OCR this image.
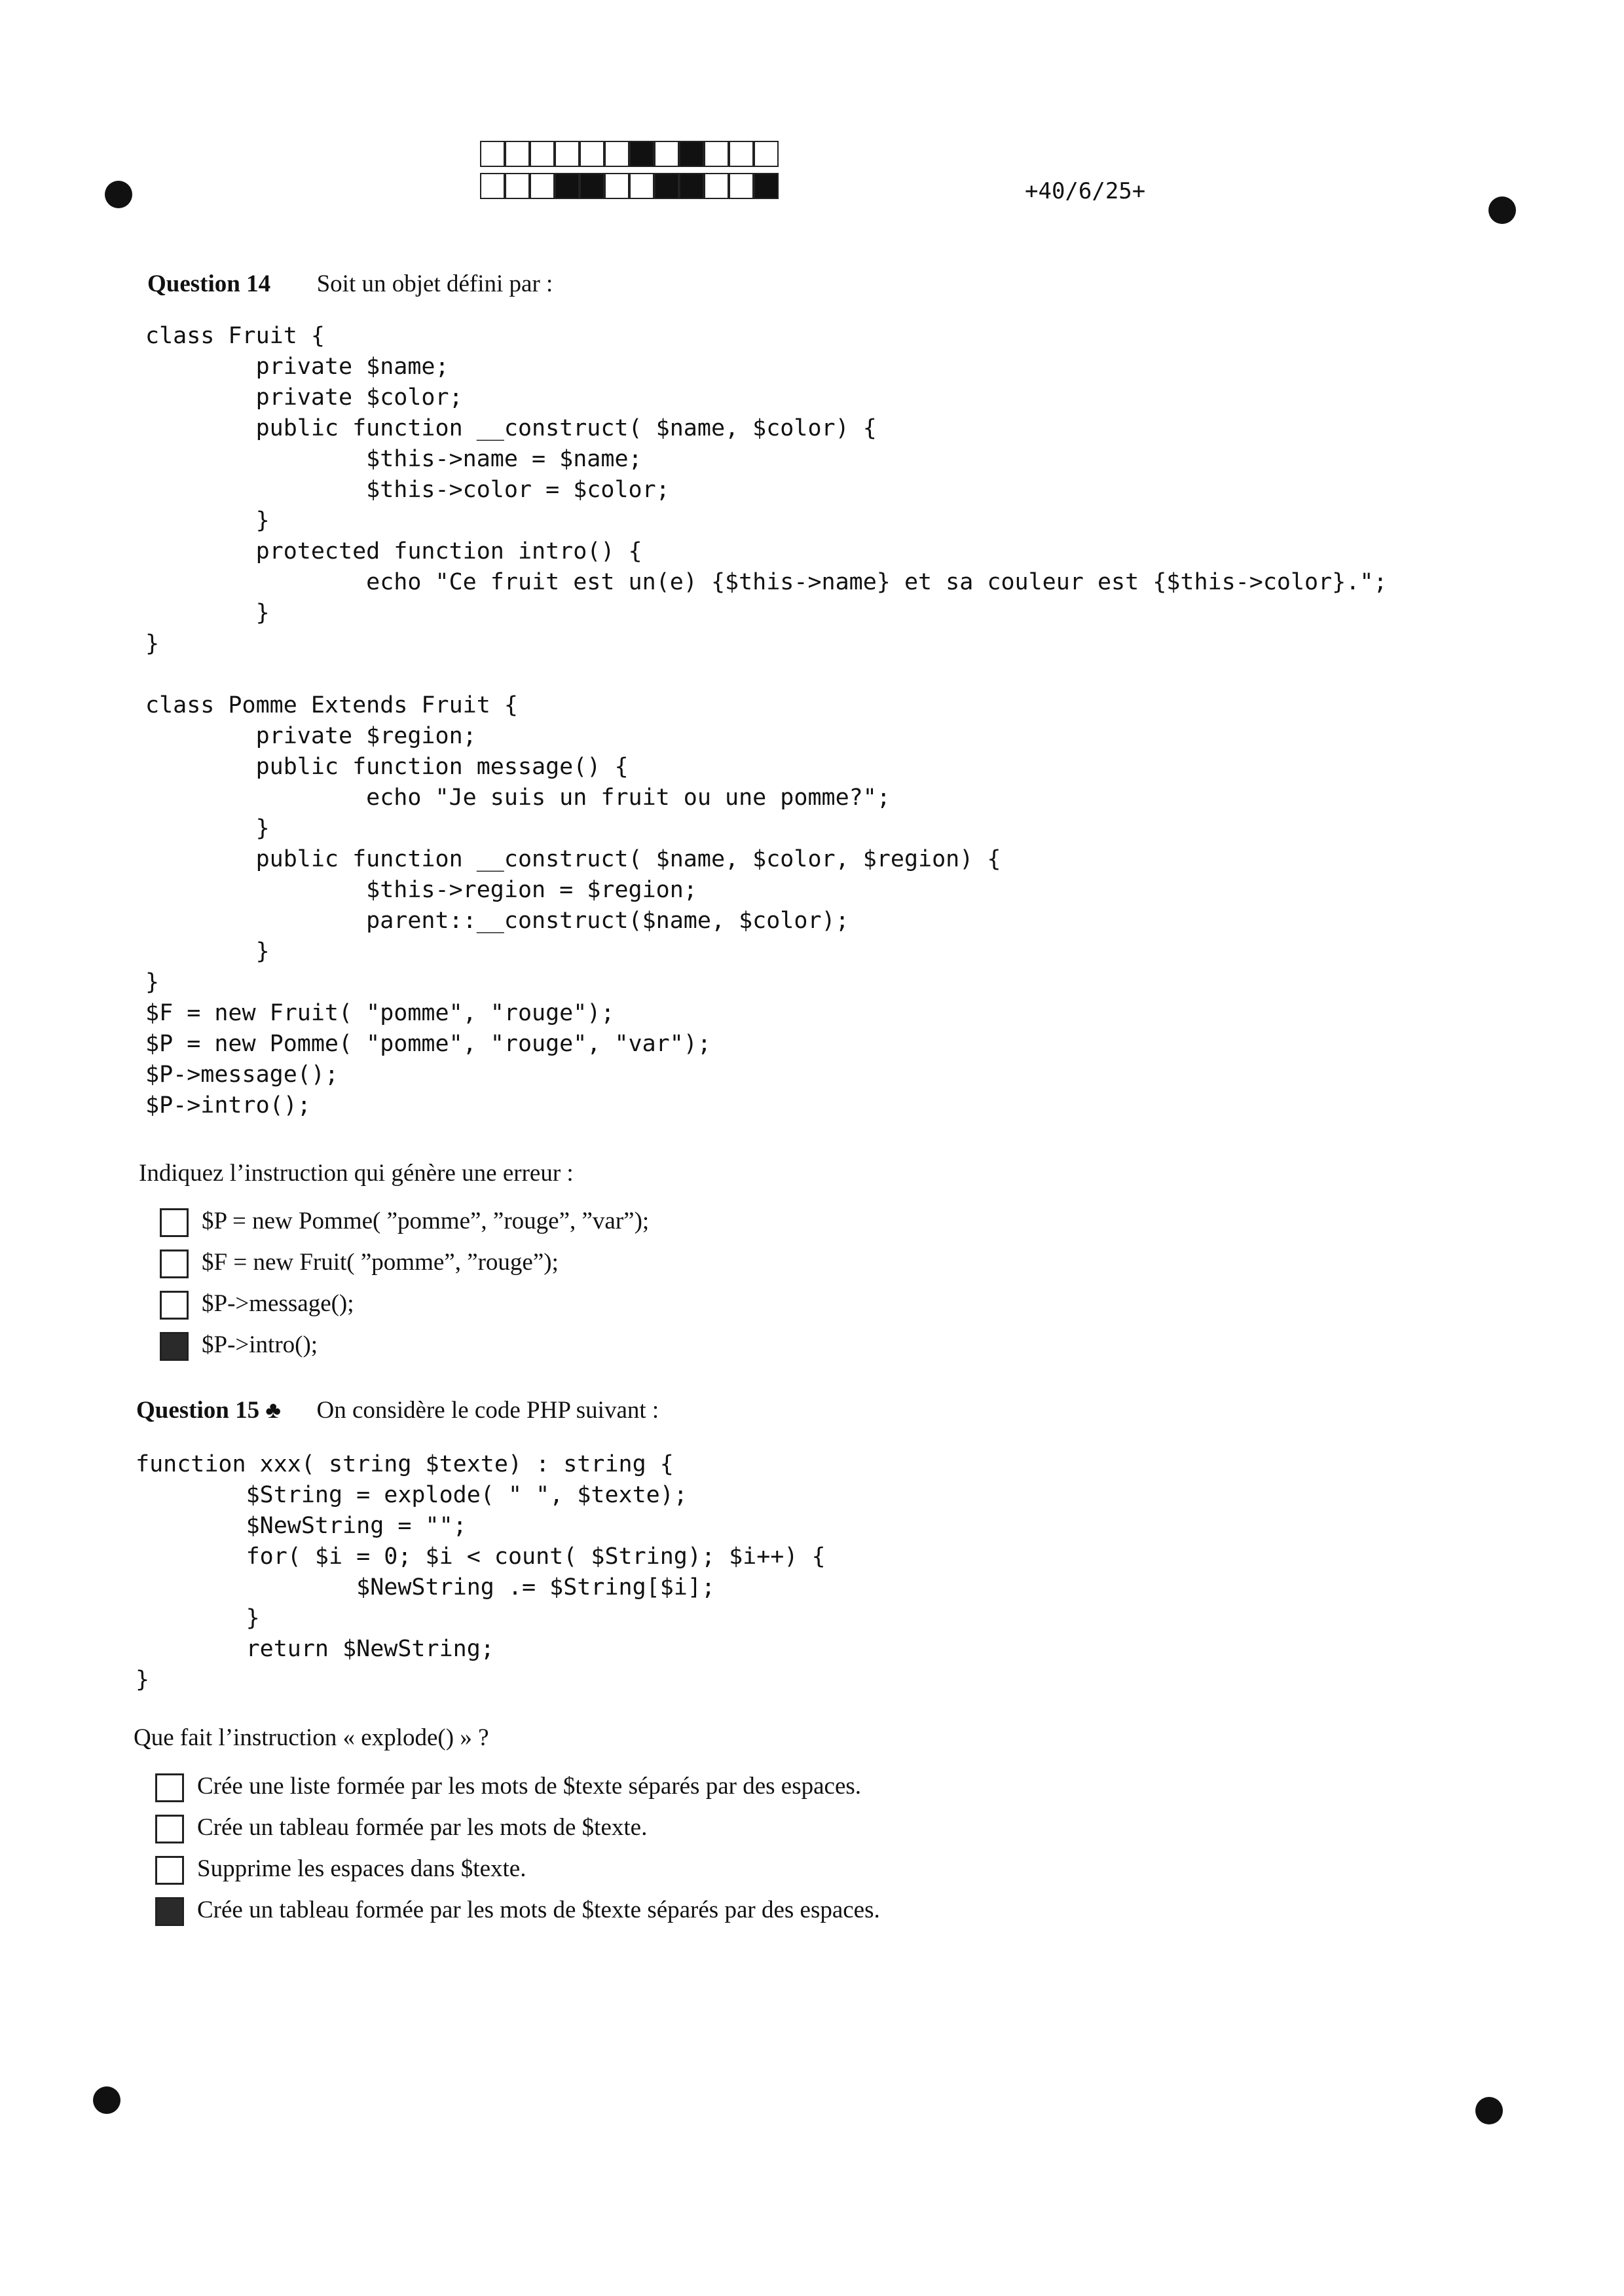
+40/6/25+
Question 14 Soit un objet défini par :
class Fruit {
private $name;
private $color;
public function __construct( $name, $color) {
$this->name = $name;
$this->color = $color;
}
protected function intro() {
echo "Ce fruit est un(e) {$this->name} et sa couleur est {$this->color}.";
}
}
class Pomme Extends Fruit {
private $region;
public function message() {
echo "Je suis un fruit ou une pomme?";
}
public function __construct( $name, $color, $region) {
$this->region = $region;
parent::__construct($name, $color);
}
}
$F = new Fruit( "pomme", "rouge");
$P = new Pomme( "pomme", "rouge", "var");
$P->message();
$P->intro();
Indiquez l’instruction qui génère une erreur :
$P = new Pomme( ”pomme”, ”rouge”, ”var”);
$F = new Fruit( ”pomme”, ”rouge”);
$P->message();
$P->intro();
Question 15 ♣ On considère le code PHP suivant :
function xxx( string $texte) : string {
$String = explode( " ", $texte);
$NewString = "";
for( $i = 0; $i < count( $String); $i++) {
$NewString .= $String[$i];
}
return $NewString;
}
Que fait l’instruction « explode() » ?
Crée une liste formée par les mots de $texte séparés par des espaces.
Crée un tableau formée par les mots de $texte.
Supprime les espaces dans $texte.
Crée un tableau formée par les mots de $texte séparés par des espaces.
